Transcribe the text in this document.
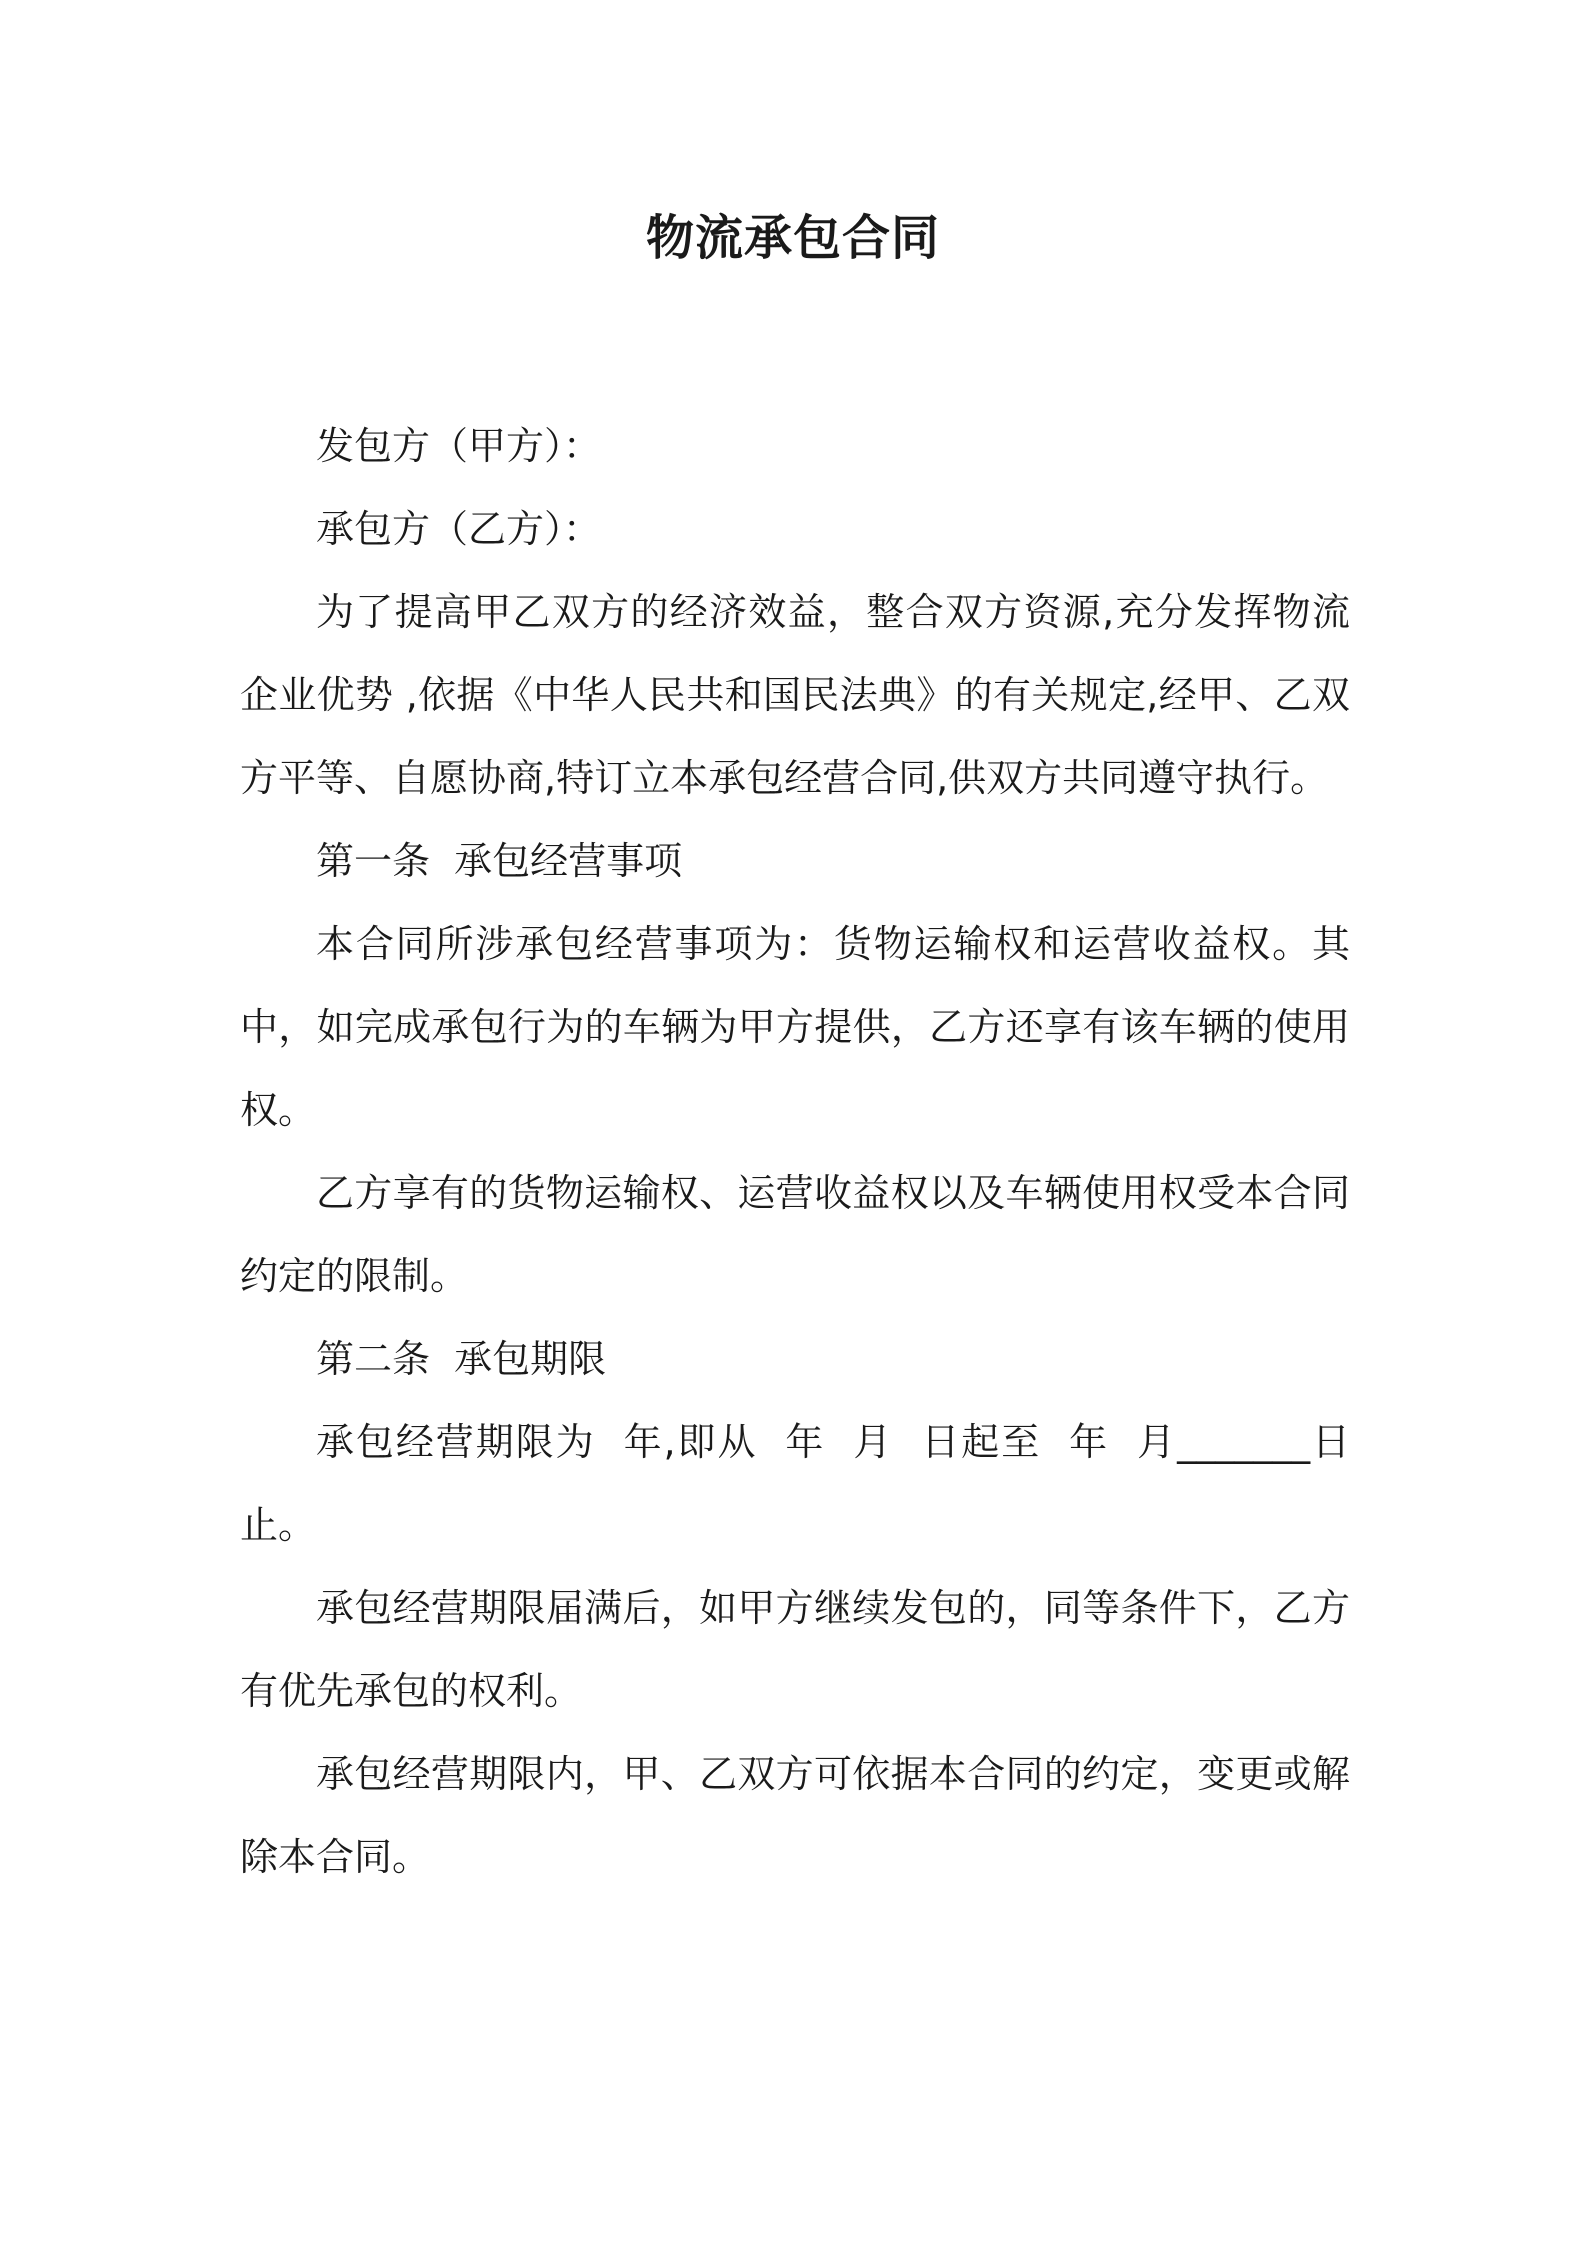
物流承包合同

发包方（甲方）：

承包方（乙方）：

为了提高甲乙双方的经济效益，整合双方资源,充分发挥物流企业优势 ,依据《中华人民共和国民法典》的有关规定,经甲、乙双方平等、自愿协商,特订立本承包经营合同,供双方共同遵守执行。

第一条  承包经营事项

本合同所涉承包经营事项为：货物运输权和运营收益权。其中，如完成承包行为的车辆为甲方提供，乙方还享有该车辆的使用权。

乙方享有的货物运输权、运营收益权以及车辆使用权受本合同约定的限制。

第二条  承包期限

承包经营期限为  年,即从  年  月  日起至  年  月_______日止。

承包经营期限届满后，如甲方继续发包的，同等条件下，乙方有优先承包的权利。

承包经营期限内，甲、乙双方可依据本合同的约定，变更或解除本合同。
